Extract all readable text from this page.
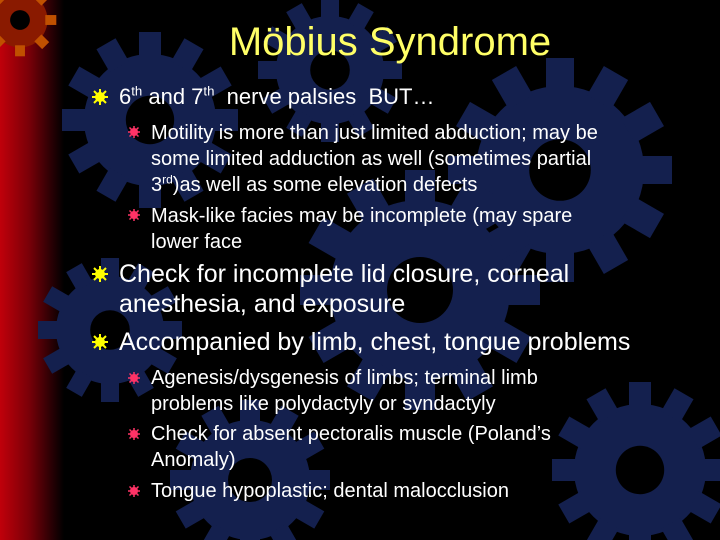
Möbius Syndrome
6th and 7th  nerve palsies  BUT…
Motility is more than just limited abduction; may be
some limited adduction as well (sometimes partial
3rd)as well as some elevation defects
Mask-like facies may be incomplete (may spare
lower face
Check for incomplete lid closure, corneal
anesthesia, and exposure
Accompanied by limb, chest, tongue problems
Agenesis/dysgenesis of limbs; terminal limb
problems like polydactyly or syndactyly
Check for absent pectoralis muscle (Poland’s
Anomaly)
Tongue hypoplastic; dental malocclusion
